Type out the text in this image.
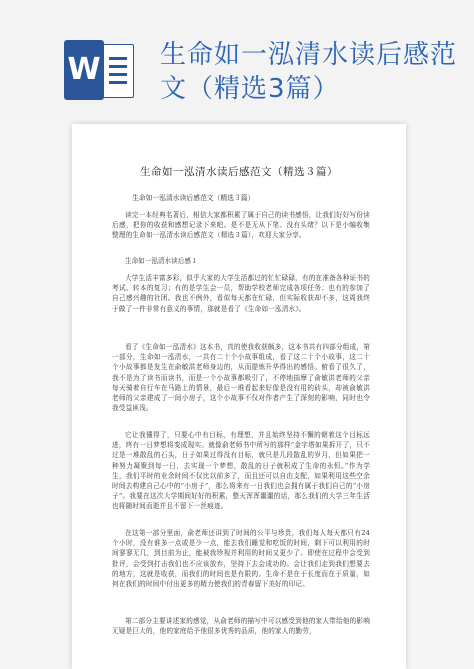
W 生命如一泓清水读后感范文（精选3篇）
生命如一泓清水读后感范文（精选３篇）
生命如一泓清水读后感范文（精选３篇）
读完一本经典名著后，相信大家都积累了属于自己的读书感悟，让我们好好写份读后感，把你的收获和感想记录下来吧。是不是无从下笔、没有头绪？以下是小编收集整理的生命如一泓清水读后感范文（精选３篇），欢迎大家分享。
生命如一泓清水读后感１
大学生活丰富多彩，似乎大家的大学生活都过的忙忙碌碌，有的在准备各种证书的考试、转本的复习；有的是学生会一员，帮助学校老师完成各项任务；也有的参加了自己感兴趣的社团。我也不例外，看似每天都在忙碌，但实际收获却不多，这周我终于做了一件非常有意义的事情，那就是看了《生命如一泓清水》。
看了《生命如一泓清水》这本书，真的使我收获颇多，这本书共有四部分组成，第一部分，生命如一泓清水，一共有二十个小故事组成，看了这二十个小故事，这二十个小故事都是发生在俞敏洪老师身边的，从而提炼升华得出的感悟。俯看了很久了，我不是为了读书而读书，而是一个小故事都吸引了，不停地揣摩了俞敏洪老师的父亲每天骑着自行车在马路上的情景，最后一堆看起来好像是没有用的砖头，却被俞敏洪老师的父亲建成了一间小房子，这个小故事不仅对作者产生了深刻的影响，同时也令我受益匪浅。
它让我懂得了，只要心中有目标，有理想，并且始终坚持不懈的朝着这个目标远进，终有一日梦想将变成现实。就像俞老师书中所写的那样“金字塔如果拆开了，只不过是一堆散乱的石头，日子如果过得没有目标，就只是几段散乱的岁月，但如果把一种努力凝聚到每一日，去实现一个梦想，散乱的日子就积成了生命的永恒。”作为学生，我们平时的业余时间不仅比以前多了，而且还可以自由支配，如果利用这些空余时间去构建自己心中的“小房子”，那么将来有一日我们也会拥有属于我们自己的“小房子”。我要在这次大学期间好好的积累，整天浑浑噩噩的话，那么我们的大学三年生活也将随时间而逝并且不留下一丝痕迹。
在这第一部分里面，俞老师还讲到了时间的公平与珍贵，我们每人每天都只有24个小时，没有谁多一点或是少一点，能去我们睡觉和吃饭的时间，剩下可以利用的时间寥寥无几，到目前为止，能被我珍视并利用的时间又更少了。即使在过程中会受到批评，会受到打击我们也不应该放弃，坚持下去会成功的。会让我们走到我们想要去的地方，这就是收获，而我们的时间也是有限的。生命不是在于长度而在于质量，如何在我们的时间中付出更多的精力使我们的青春留下美好的印记。
第二部分主要讲述家的感觉，从俞老师的描写中可以感受到他的家人带给他的影响无疑是巨大的，他的家庭给予他很多优秀的品质，他的家人的勤劳，
